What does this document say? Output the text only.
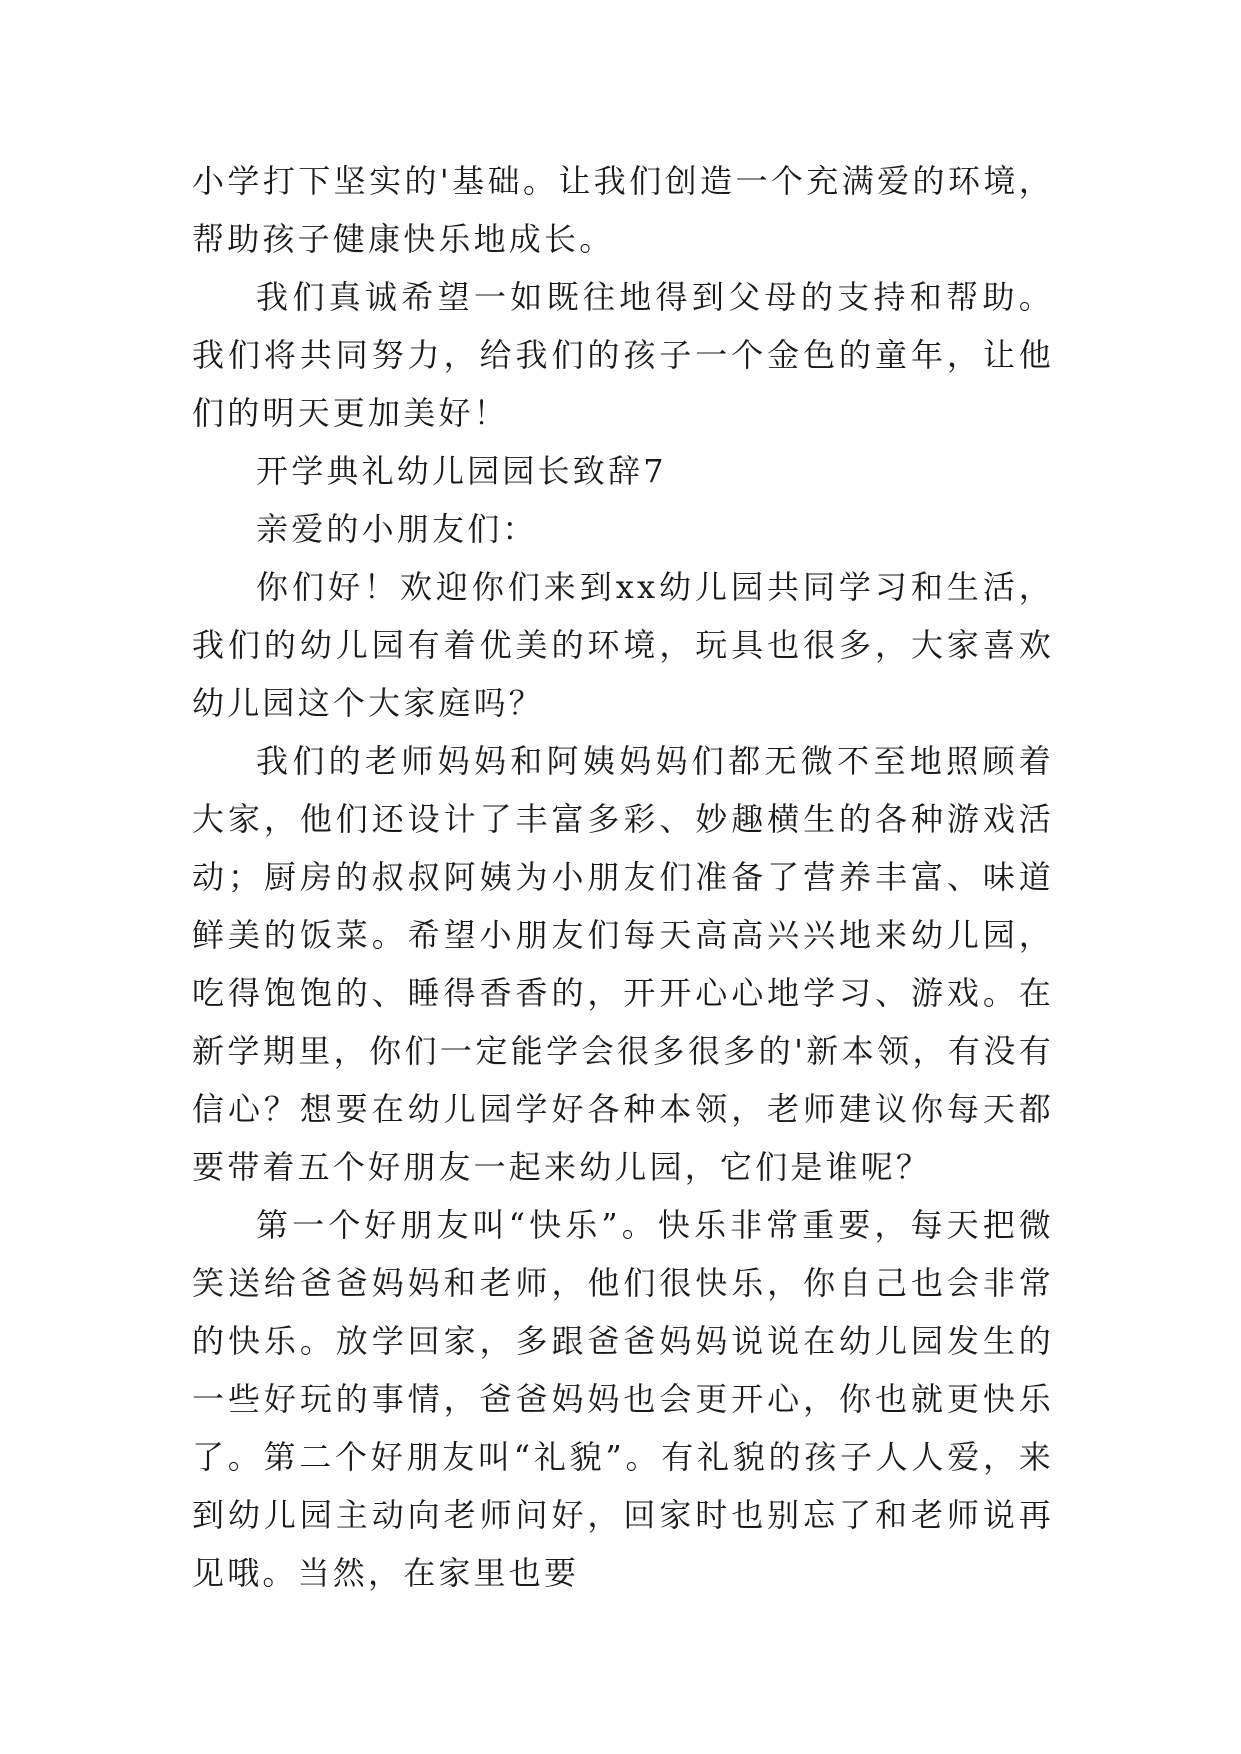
小学打下坚实的'基础。让我们创造一个充满爱的环境，帮助孩子健康快乐地成长。

我们真诚希望一如既往地得到父母的支持和帮助。我们将共同努力，给我们的孩子一个金色的童年，让他们的明天更加美好！

开学典礼幼儿园园长致辞7

亲爱的小朋友们：

你们好！欢迎你们来到xx幼儿园共同学习和生活，我们的幼儿园有着优美的环境，玩具也很多，大家喜欢幼儿园这个大家庭吗？

我们的老师妈妈和阿姨妈妈们都无微不至地照顾着大家，他们还设计了丰富多彩、妙趣横生的各种游戏活动；厨房的叔叔阿姨为小朋友们准备了营养丰富、味道鲜美的饭菜。希望小朋友们每天高高兴兴地来幼儿园，吃得饱饱的、睡得香香的，开开心心地学习、游戏。在新学期里，你们一定能学会很多很多的'新本领，有没有信心？想要在幼儿园学好各种本领，老师建议你每天都要带着五个好朋友一起来幼儿园，它们是谁呢？

第一个好朋友叫“快乐”。快乐非常重要，每天把微笑送给爸爸妈妈和老师，他们很快乐，你自己也会非常的快乐。放学回家，多跟爸爸妈妈说说在幼儿园发生的一些好玩的事情，爸爸妈妈也会更开心，你也就更快乐了。第二个好朋友叫“礼貌”。有礼貌的孩子人人爱，来到幼儿园主动向老师问好，回家时也别忘了和老师说再见哦。当然，在家里也要
